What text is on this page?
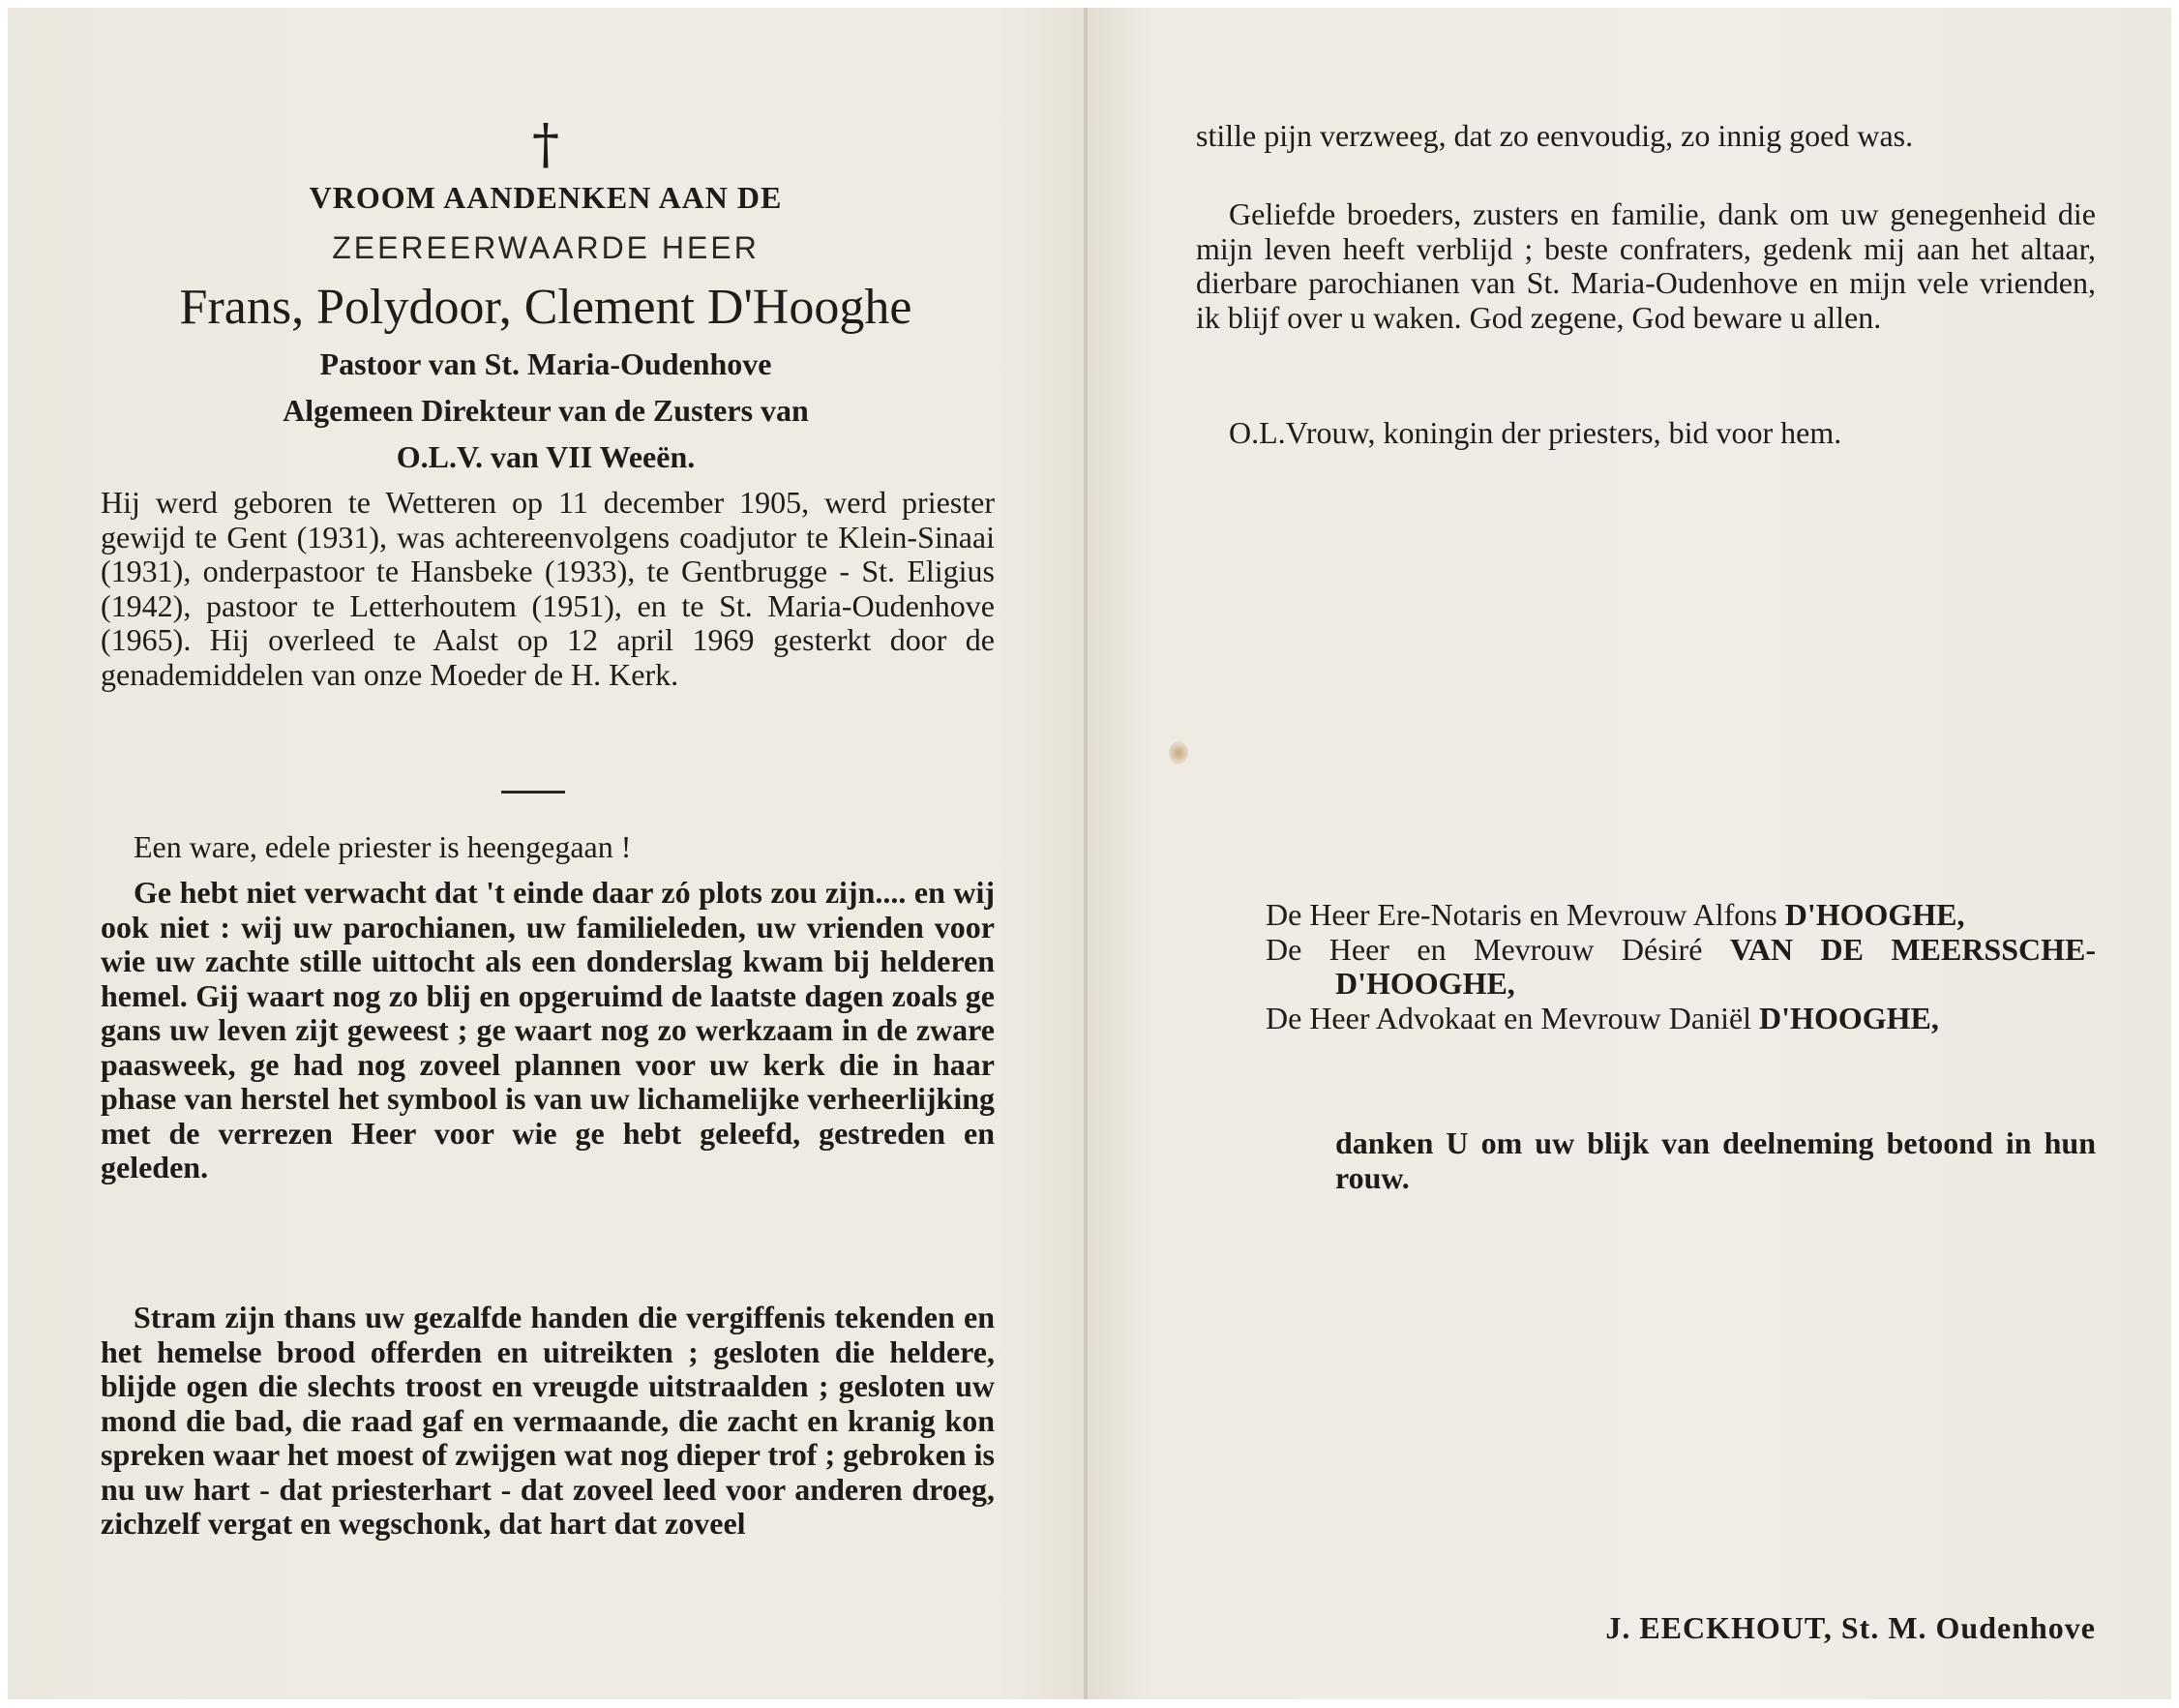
†
VROOM AANDENKEN AAN DE
ZEEREERWAARDE HEER
Frans, Polydoor, Clement D'Hooghe
Pastoor van St. Maria-Oudenhove
Algemeen Direkteur van de Zusters van
O.L.V. van VII Weeën.

Hij werd geboren te Wetteren op 11 december 1905, werd priester gewijd te Gent (1931), was achtereenvolgens coadjutor te Klein-Sinaai (1931), onderpastoor te Hansbeke (1933), te Gentbrugge - St. Eligius (1942), pastoor te Letterhoutem (1951), en te St. Maria-Oudenhove (1965). Hij overleed te Aalst op 12 april 1969 gesterkt door de genademiddelen van onze Moeder de H. Kerk.

Een ware, edele priester is heengegaan !

Ge hebt niet verwacht dat 't einde daar zó plots zou zijn.... en wij ook niet : wij uw parochianen, uw familieleden, uw vrienden voor wie uw zachte stille uittocht als een donderslag kwam bij helderen hemel. Gij waart nog zo blij en opgeruimd de laatste dagen zoals ge gans uw leven zijt geweest ; ge waart nog zo werkzaam in de zware paasweek, ge had nog zoveel plannen voor uw kerk die in haar phase van herstel het symbool is van uw lichamelijke verheerlijking met de verrezen Heer voor wie ge hebt geleefd, gestreden en geleden.

Stram zijn thans uw gezalfde handen die vergiffenis tekenden en het hemelse brood offerden en uitreikten ; gesloten die heldere, blijde ogen die slechts troost en vreugde uitstraalden ; gesloten uw mond die bad, die raad gaf en vermaande, die zacht en kranig kon spreken waar het moest of zwijgen wat nog dieper trof ; gebroken is nu uw hart - dat priesterhart - dat zoveel leed voor anderen droeg, zichzelf vergat en wegschonk, dat hart dat zoveel

stille pijn verzweeg, dat zo eenvoudig, zo innig goed was.

Geliefde broeders, zusters en familie, dank om uw genegenheid die mijn leven heeft verblijd ; beste confraters, gedenk mij aan het altaar, dierbare parochianen van St. Maria-Oudenhove en mijn vele vrienden, ik blijf over u waken. God zegene, God beware u allen.

O.L.Vrouw, koningin der priesters, bid voor hem.

De Heer Ere-Notaris en Mevrouw Alfons D'HOOGHE,
De Heer en Mevrouw Désiré VAN DE MEERSSCHE-D'HOOGHE,
De Heer Advokaat en Mevrouw Daniël D'HOOGHE,

danken U om uw blijk van deelneming betoond in hun rouw.

J. EECKHOUT, St. M. Oudenhove
